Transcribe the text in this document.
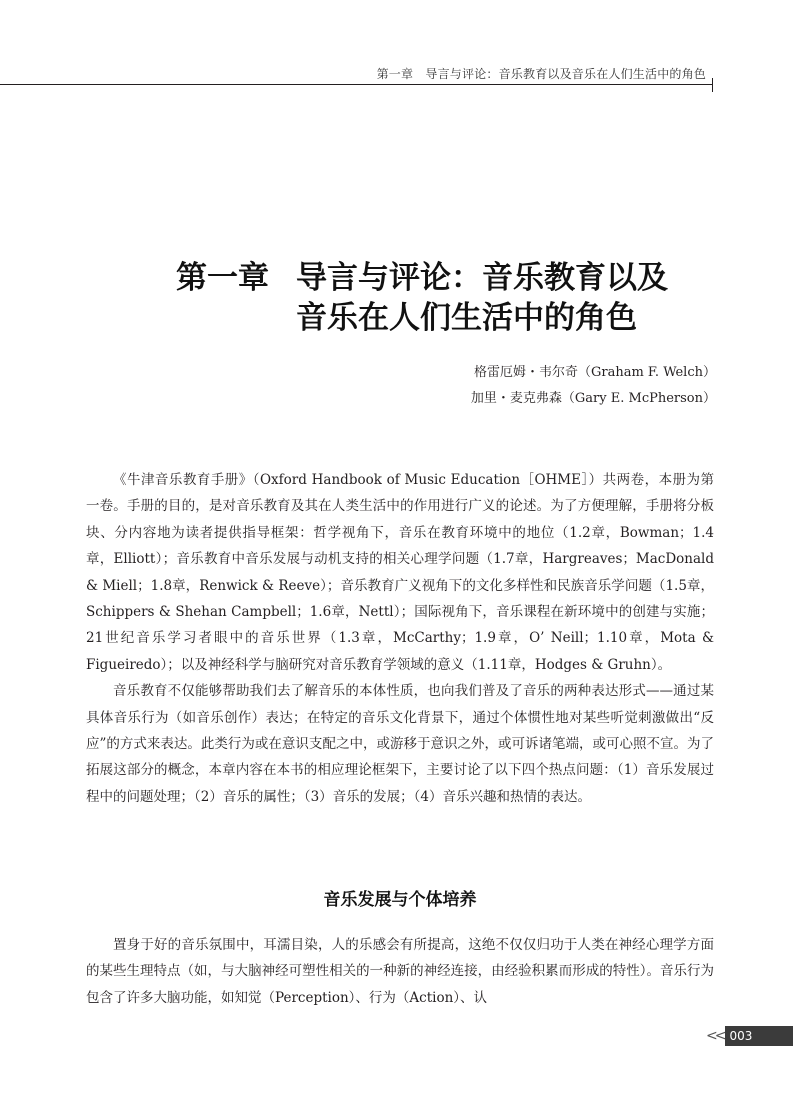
第一章　导言与评论：音乐教育以及音乐在人们生活中的角色
第一章 导言与评论：音乐教育以及
音乐在人们生活中的角色
格雷厄姆・韦尔奇（Graham F. Welch）
加里・麦克弗森（Gary E. McPherson）

《牛津音乐教育手册》（Oxford Handbook of Music Education［OHME］）共两卷，本册为第一卷。手册的目的，是对音乐教育及其在人类生活中的作用进行广义的论述。为了方便理解，手册将分板块、分内容地为读者提供指导框架：哲学视角下，音乐在教育环境中的地位（1.2章，Bowman；1.4章，Elliott）；音乐教育中音乐发展与动机支持的相关心理学问题（1.7章，Hargreaves；MacDonald & Miell；1.8章，Renwick & Reeve）；音乐教育广义视角下的文化多样性和民族音乐学问题（1.5章，Schippers & Shehan Campbell；1.6章，Nettl）；国际视角下，音乐课程在新环境中的创建与实施；21世纪音乐学习者眼中的音乐世界（1.3章，McCarthy；1.9章，O’ Neill；1.10章，Mota & Figueiredo）；以及神经科学与脑研究对音乐教育学领域的意义（1.11章，Hodges & Gruhn）。

音乐教育不仅能够帮助我们去了解音乐的本体性质，也向我们普及了音乐的两种表达形式——通过某具体音乐行为（如音乐创作）表达；在特定的音乐文化背景下，通过个体惯性地对某些听觉刺激做出“反应”的方式来表达。此类行为或在意识支配之中，或游移于意识之外，或可诉诸笔端，或可心照不宣。为了拓展这部分的概念，本章内容在本书的相应理论框架下，主要讨论了以下四个热点问题：（1）音乐发展过程中的问题处理；（2）音乐的属性；（3）音乐的发展；（4）音乐兴趣和热情的表达。

音乐发展与个体培养

置身于好的音乐氛围中，耳濡目染，人的乐感会有所提高，这绝不仅仅归功于人类在神经心理学方面的某些生理特点（如，与大脑神经可塑性相关的一种新的神经连接，由经验积累而形成的特性）。音乐行为包含了许多大脑功能，如知觉（Perception）、行为（Action）、认

<< 003
